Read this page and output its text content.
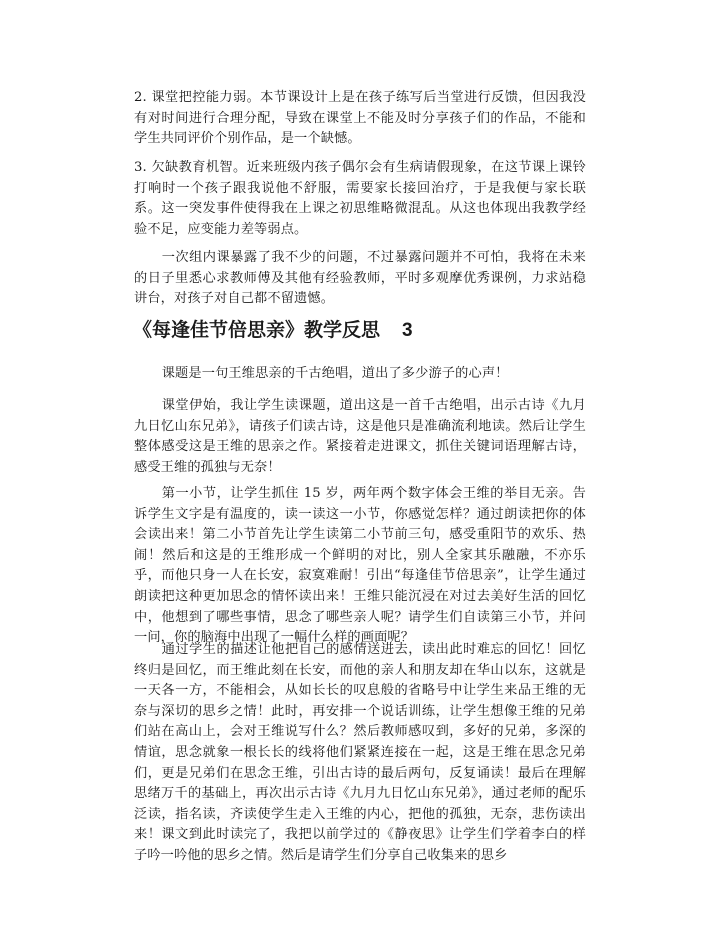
2. 课堂把控能力弱。本节课设计上是在孩子练写后当堂进行反馈，但因我没有对时间进行合理分配，导致在课堂上不能及时分享孩子们的作品，不能和学生共同评价个别作品，是一个缺憾。

3. 欠缺教育机智。近来班级内孩子偶尔会有生病请假现象，在这节课上课铃打响时一个孩子跟我说他不舒服，需要家长接回治疗，于是我便与家长联系。这一突发事件使得我在上课之初思维略微混乱。从这也体现出我教学经验不足，应变能力差等弱点。

一次组内课暴露了我不少的问题，不过暴露问题并不可怕，我将在未来的日子里悉心求教师傅及其他有经验教师，平时多观摩优秀课例，力求站稳讲台，对孩子对自己都不留遗憾。

《每逢佳节倍思亲》教学反思 3

课题是一句王维思亲的千古绝唱，道出了多少游子的心声！

课堂伊始，我让学生读课题，道出这是一首千古绝唱，出示古诗《九月九日忆山东兄弟》，请孩子们读古诗，这是他只是准确流利地读。然后让学生整体感受这是王维的思亲之作。紧接着走进课文，抓住关键词语理解古诗，感受王维的孤独与无奈！

第一小节，让学生抓住 15 岁，两年两个数字体会王维的举目无亲。告诉学生文字是有温度的，读一读这一小节，你感觉怎样？通过朗读把你的体会读出来！第二小节首先让学生读第二小节前三句，感受重阳节的欢乐、热闹！然后和这是的王维形成一个鲜明的对比，别人全家其乐融融，不亦乐乎，而他只身一人在长安，寂寞难耐！引出“每逢佳节倍思亲”，让学生通过朗读把这种更加思念的情怀读出来！王维只能沉浸在对过去美好生活的回忆中，他想到了哪些事情，思念了哪些亲人呢？请学生们自读第三小节，并问一问，你的脑海中出现了一幅什么样的画面呢？

通过学生的描述让他把自己的感情送进去，读出此时难忘的回忆！回忆终归是回忆，而王维此刻在长安，而他的亲人和朋友却在华山以东，这就是 一天各一方，不能相会，从如长长的叹息般的省略号中让学生来品王维的无奈与深切的思乡之情！此时，再安排一个说话训练，让学生想像王维的兄弟们站在高山上，会对王维说写什么？然后教师感叹到，多好的兄弟，多深的情谊，思念就象一根长长的线将他们紧紧连接在一起，这是王维在思念兄弟们，更是兄弟们在思念王维，引出古诗的最后两句，反复诵读！最后在理解思绪万千的基础上，再次出示古诗《九月九日忆山东兄弟》，通过老师的配乐泛读，指名读，齐读使学生走入王维的内心，把他的孤独，无奈，悲伤读出来！课文到此时读完了，我把以前学过的《静夜思》让学生们学着李白的样子吟一吟他的思乡之情。然后是请学生们分享自己收集来的思乡
